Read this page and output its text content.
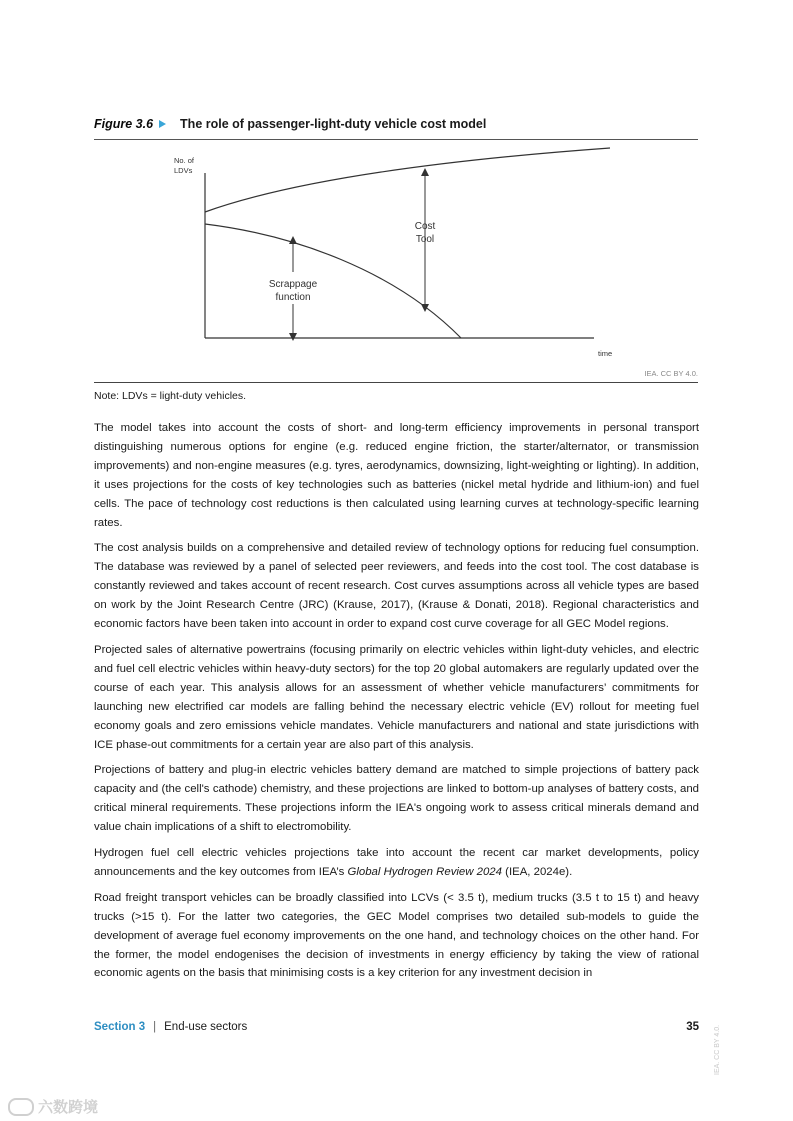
Figure 3.6 The role of passenger-light-duty vehicle cost model
No. of
LDVs
time
Cost
Tool
Scrappage
function
IEA. CC BY 4.0.
Note: LDVs = light-duty vehicles.

The model takes into account the costs of short- and long-term efficiency improvements in personal transport distinguishing numerous options for engine (e.g. reduced engine friction, the starter/alternator, or transmission improvements) and non-engine measures (e.g. tyres, aerodynamics, downsizing, light-weighting or lighting). In addition, it uses projections for the costs of key technologies such as batteries (nickel metal hydride and lithium-ion) and fuel cells. The pace of technology cost reductions is then calculated using learning curves at technology-specific learning rates.

The cost analysis builds on a comprehensive and detailed review of technology options for reducing fuel consumption. The database was reviewed by a panel of selected peer reviewers, and feeds into the cost tool. The cost database is constantly reviewed and takes account of recent research. Cost curves assumptions across all vehicle types are based on work by the Joint Research Centre (JRC) (Krause, 2017), (Krause & Donati, 2018). Regional characteristics and economic factors have been taken into account in order to expand cost curve coverage for all GEC Model regions.

Projected sales of alternative powertrains (focusing primarily on electric vehicles within light-duty vehicles, and electric and fuel cell electric vehicles within heavy-duty sectors) for the top 20 global automakers are regularly updated over the course of each year. This analysis allows for an assessment of whether vehicle manufacturers’ commitments for launching new electrified car models are falling behind the necessary electric vehicle (EV) rollout for meeting fuel economy goals and zero emissions vehicle mandates. Vehicle manufacturers and national and state jurisdictions with ICE phase-out commitments for a certain year are also part of this analysis.

Projections of battery and plug-in electric vehicles battery demand are matched to simple projections of battery pack capacity and (the cell's cathode) chemistry, and these projections are linked to bottom-up analyses of battery costs, and critical mineral requirements. These projections inform the IEA's ongoing work to assess critical minerals demand and value chain implications of a shift to electromobility.

Hydrogen fuel cell electric vehicles projections take into account the recent car market developments, policy announcements and the key outcomes from IEA’s Global Hydrogen Review 2024 (IEA, 2024e).

Road freight transport vehicles can be broadly classified into LCVs (< 3.5 t), medium trucks (3.5 t to 15 t) and heavy trucks (>15 t). For the latter two categories, the GEC Model comprises two detailed sub-models to guide the development of average fuel economy improvements on the one hand, and technology choices on the other hand. For the former, the model endogenises the decision of investments in energy efficiency by taking the view of rational economic agents on the basis that minimising costs is a key criterion for any investment decision in

Section 3 | End-use sectors	35 IEA. CC BY 4.0.
六数跨境
